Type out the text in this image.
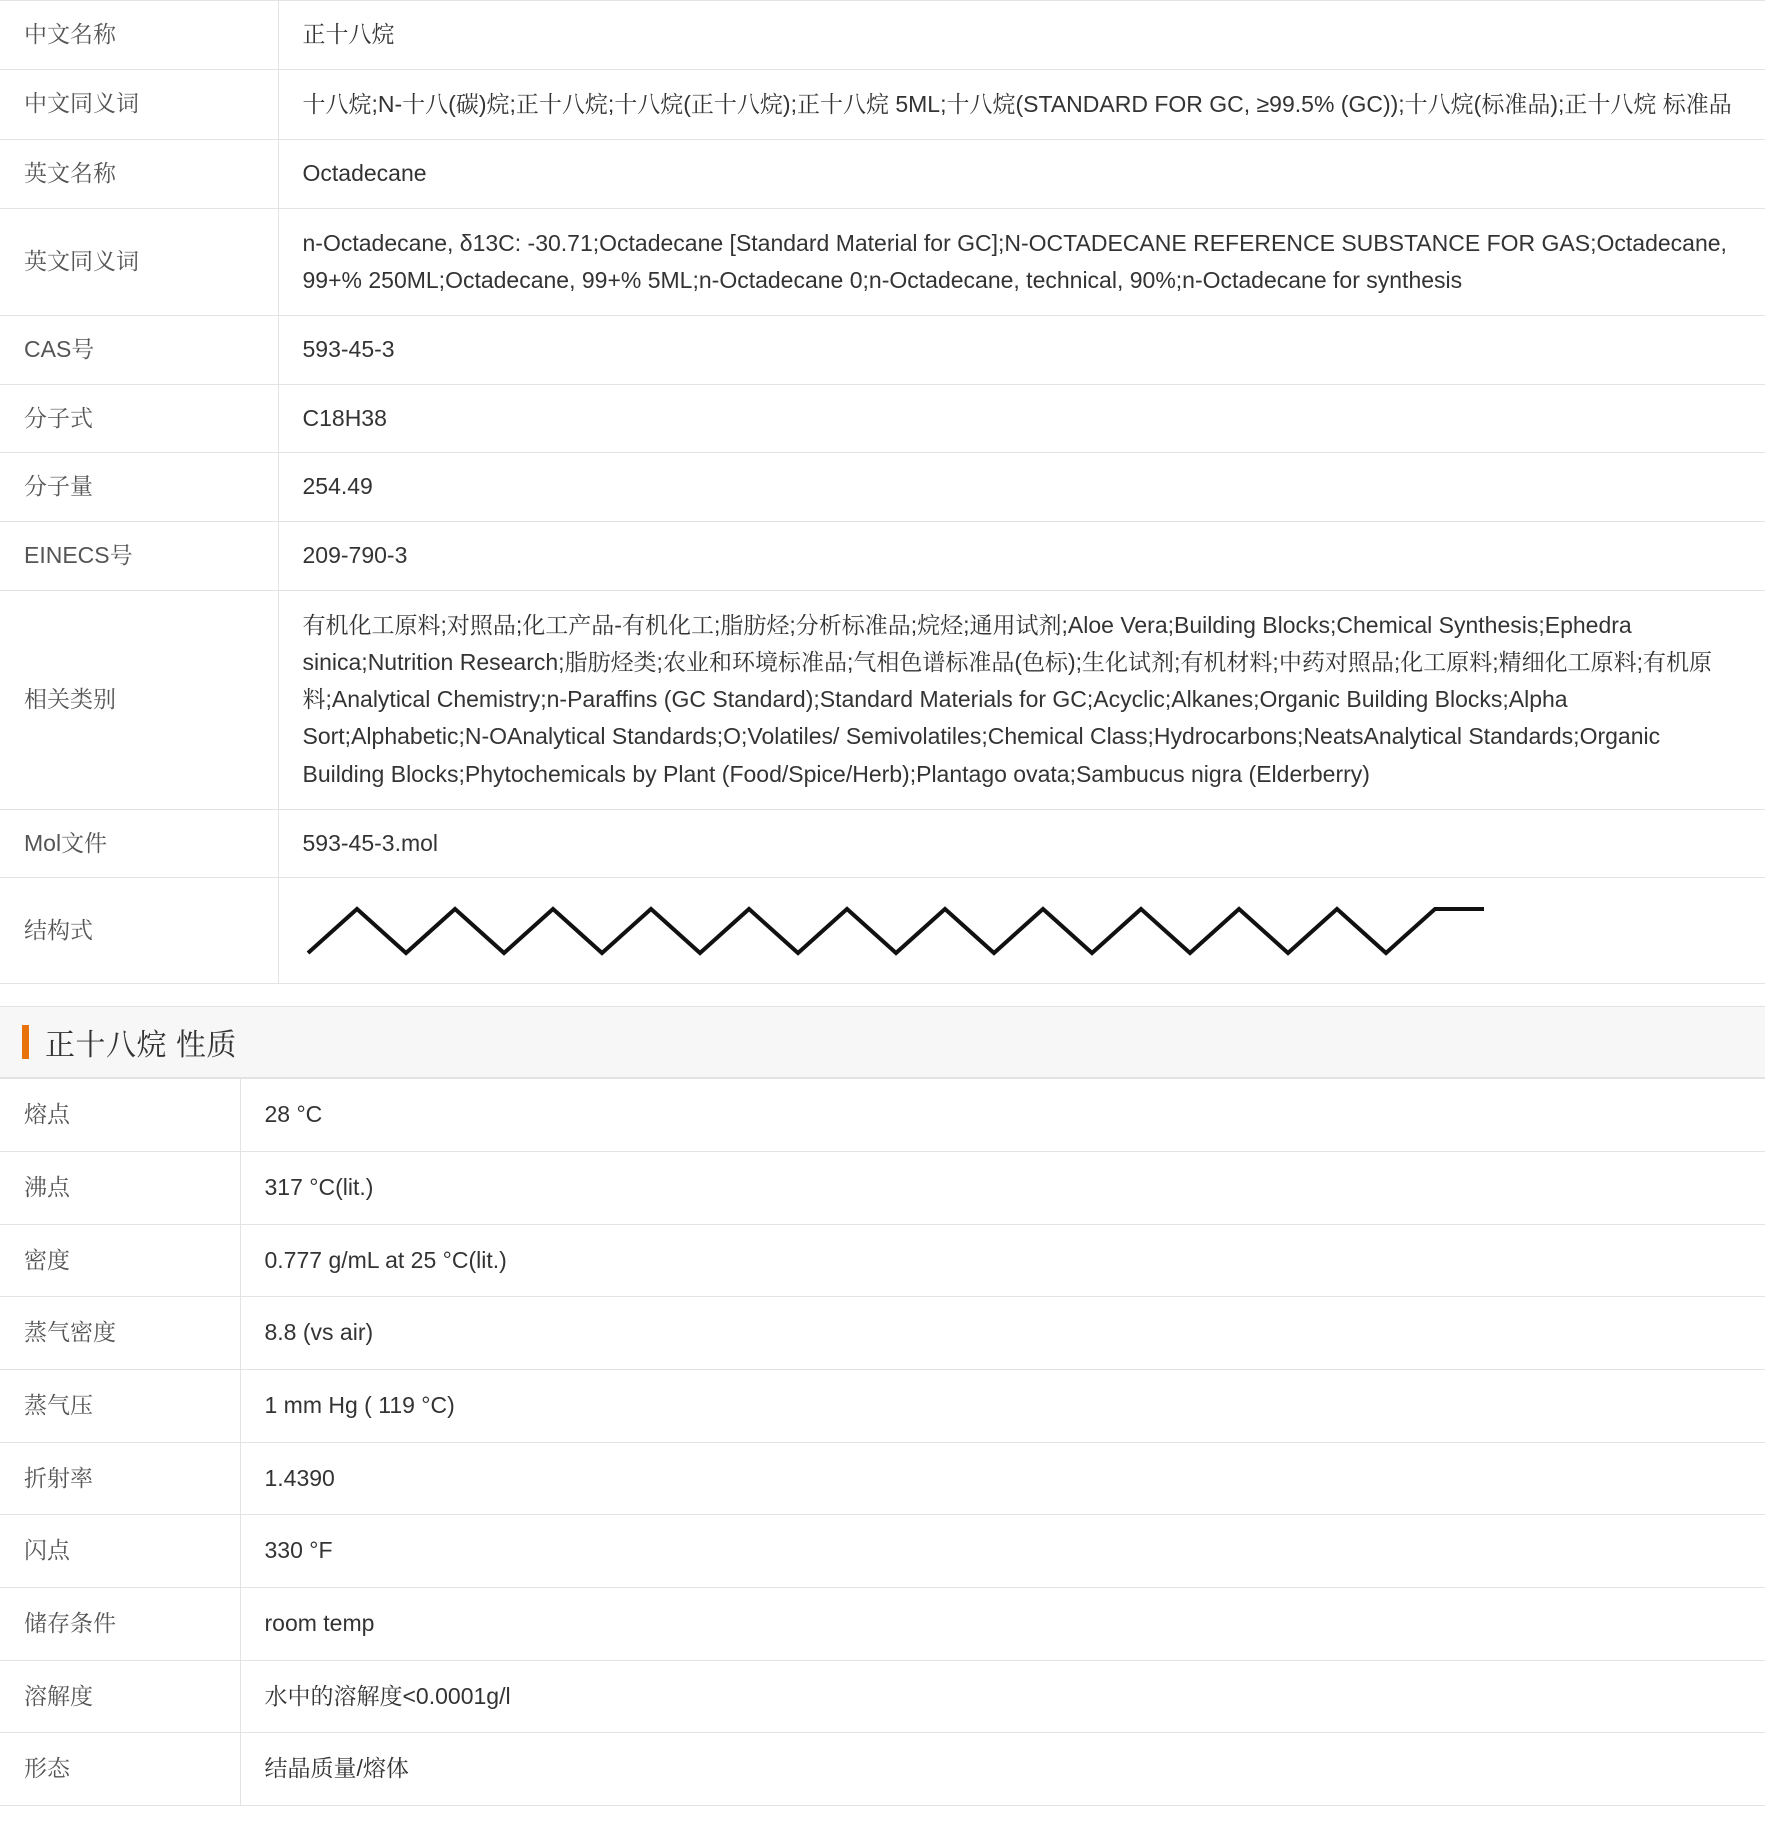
中文名称	正十八烷
中文同义词	十八烷;N-十八(碳)烷;正十八烷;十八烷(正十八烷);正十八烷 5ML;十八烷(STANDARD FOR GC, ≥99.5% (GC));十八烷(标准品);正十八烷 标准品
英文名称	Octadecane
英文同义词	n-Octadecane, δ13C: -30.71;Octadecane [Standard Material for GC];N-OCTADECANE REFERENCE SUBSTANCE FOR GAS;Octadecane, 99+% 250ML;Octadecane, 99+% 5ML;n-Octadecane 0;n-Octadecane, technical, 90%;n-Octadecane for synthesis
CAS号	593-45-3
分子式	C18H38
分子量	254.49
EINECS号	209-790-3
相关类别	有机化工原料;对照品;化工产品-有机化工;脂肪烃;分析标准品;烷烃;通用试剂;Aloe Vera;Building Blocks;Chemical Synthesis;Ephedra sinica;Nutrition Research;脂肪烃类;农业和环境标准品;气相色谱标准品(色标);生化试剂;有机材料;中药对照品;化工原料;精细化工原料;有机原料;Analytical Chemistry;n-Paraffins (GC Standard);Standard Materials for GC;Acyclic;Alkanes;Organic Building Blocks;Alpha Sort;Alphabetic;N-OAnalytical Standards;O;Volatiles/ Semivolatiles;Chemical Class;Hydrocarbons;NeatsAnalytical Standards;Organic Building Blocks;Phytochemicals by Plant (Food/Spice/Herb);Plantago ovata;Sambucus nigra (Elderberry)
Mol文件	593-45-3.mol
结构式	
正十八烷 性质
熔点	28 °C
沸点	317 °C(lit.)
密度	0.777 g/mL at 25 °C(lit.)
蒸气密度	8.8 (vs air)
蒸气压	1 mm Hg ( 119 °C)
折射率	1.4390
闪点	330 °F
储存条件	room temp
溶解度	水中的溶解度<0.0001g/l
形态	结晶质量/熔体
